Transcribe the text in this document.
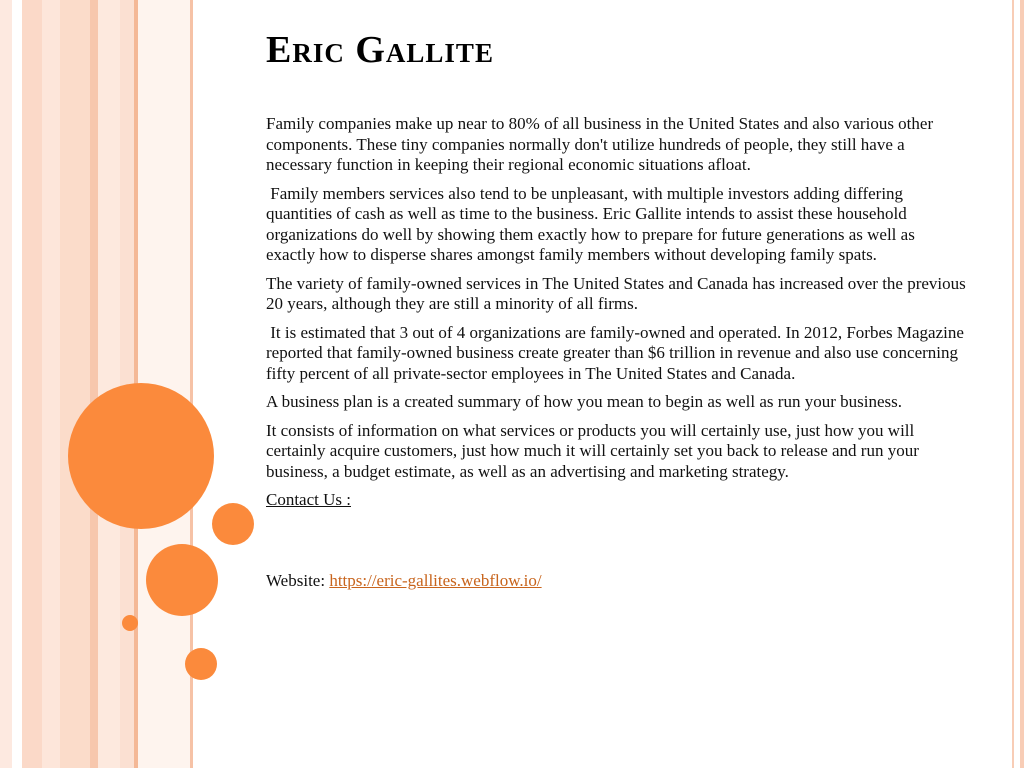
Eric Gallite

Family companies make up near to 80% of all business in the United States and also various other components. These tiny companies normally don't utilize hundreds of people, they still have a necessary function in keeping their regional economic situations afloat.

Family members services also tend to be unpleasant, with multiple investors adding differing quantities of cash as well as time to the business. Eric Gallite intends to assist these household organizations do well by showing them exactly how to prepare for future generations as well as exactly how to disperse shares amongst family members without developing family spats.

The variety of family-owned services in The United States and Canada has increased over the previous 20 years, although they are still a minority of all firms.

It is estimated that 3 out of 4 organizations are family-owned and operated. In 2012, Forbes Magazine reported that family-owned business create greater than $6 trillion in revenue and also use concerning fifty percent of all private-sector employees in The United States and Canada.

A business plan is a created summary of how you mean to begin as well as run your business.

It consists of information on what services or products you will certainly use, just how you will certainly acquire customers, just how much it will certainly set you back to release and run your business, a budget estimate, as well as an advertising and marketing strategy.

Contact Us :

Website: https://eric-gallites.webflow.io/
